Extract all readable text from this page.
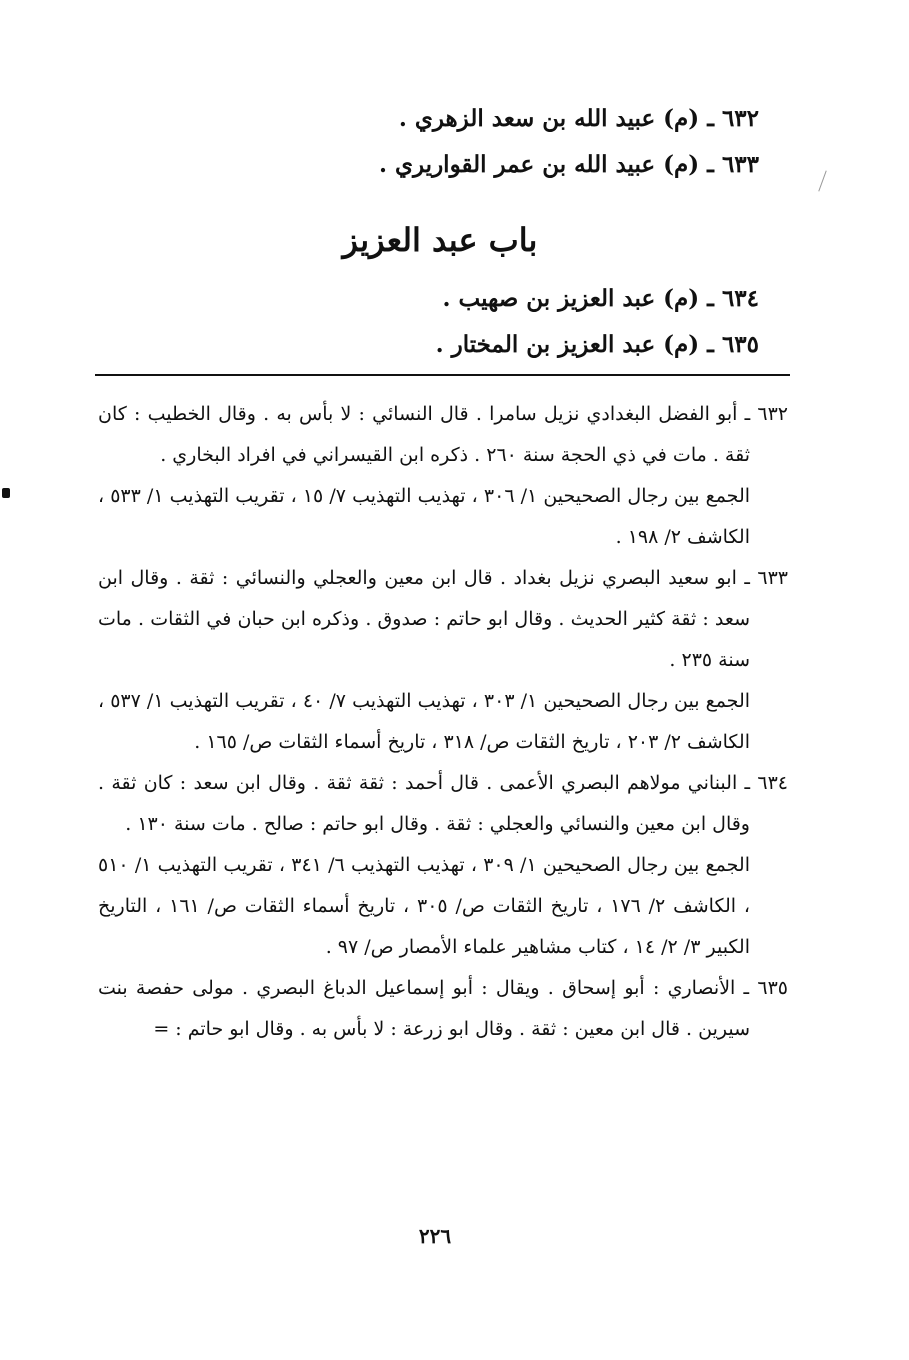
٦٣٢ ـ (م) عبيد الله بن سعد الزهري .
٦٣٣ ـ (م) عبيد الله بن عمر القواريري .
باب عبد العزيز
٦٣٤ ـ (م) عبد العزيز بن صهيب .
٦٣٥ ـ (م) عبد العزيز بن المختار .

٦٣٢ ـ أبو الفضل البغدادي نزيل سامرا . قال النسائي : لا بأس به . وقال الخطيب : كان ثقة . مات في ذي الحجة سنة ٢٦٠ . ذكره ابن القيسراني في افراد البخاري .

الجمع بين رجال الصحيحين ١/ ٣٠٦ ، تهذيب التهذيب ٧/ ١٥ ، تقريب التهذيب ١/ ٥٣٣ ، الكاشف ٢/ ١٩٨ .

٦٣٣ ـ ابو سعيد البصري نزيل بغداد . قال ابن معين والعجلي والنسائي : ثقة . وقال ابن سعد : ثقة كثير الحديث . وقال ابو حاتم : صدوق . وذكره ابن حبان في الثقات . مات سنة ٢٣٥ .

الجمع بين رجال الصحيحين ١/ ٣٠٣ ، تهذيب التهذيب ٧/ ٤٠ ، تقريب التهذيب ١/ ٥٣٧ ، الكاشف ٢/ ٢٠٣ ، تاريخ الثقات ص/ ٣١٨ ، تاريخ أسماء الثقات ص/ ١٦٥ .

٦٣٤ ـ البناني مولاهم البصري الأعمى . قال أحمد : ثقة ثقة . وقال ابن سعد : كان ثقة . وقال ابن معين والنسائي والعجلي : ثقة . وقال ابو حاتم : صالح . مات سنة ١٣٠ .

الجمع بين رجال الصحيحين ١/ ٣٠٩ ، تهذيب التهذيب ٦/ ٣٤١ ، تقريب التهذيب ١/ ٥١٠ ، الكاشف ٢/ ١٧٦ ، تاريخ الثقات ص/ ٣٠٥ ، تاريخ أسماء الثقات ص/ ١٦١ ، التاريخ الكبير ٣/ ٢/ ١٤ ، كتاب مشاهير علماء الأمصار ص/ ٩٧ .

٦٣٥ ـ الأنصاري : أبو إسحاق . ويقال : أبو إسماعيل الدباغ البصري . مولى حفصة بنت سيرين . قال ابن معين : ثقة . وقال ابو زرعة : لا بأس به . وقال ابو حاتم : =

٢٢٦
